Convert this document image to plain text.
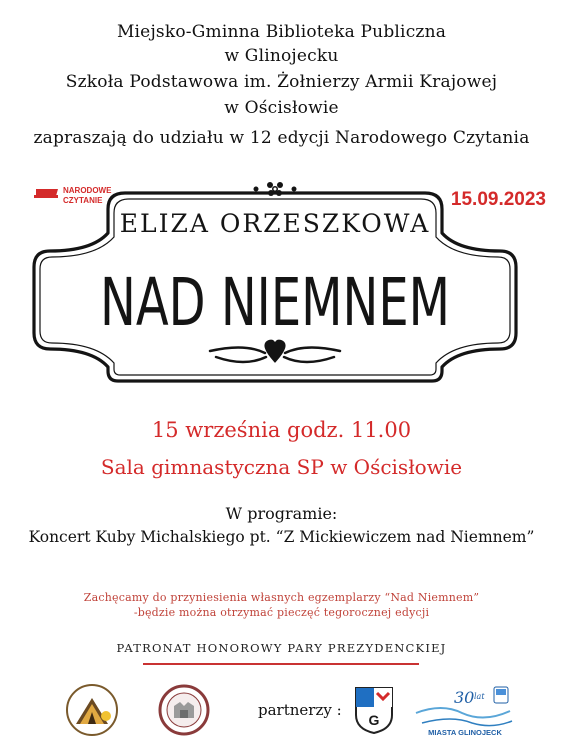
Miejsko-Gminna Biblioteka Publiczna
w Glinojecku
Szkoła Podstawowa im. Żołnierzy Armii Krajowej
w Ościsłowie
zapraszają do udziału w 12 edycji Narodowego Czytania
NARODOWE
CZYTANIE	15.09.2023
ELIZA ORZESZKOWA
NAD NIEMNEM
15 września godz. 11.00
Sala gimnastyczna SP w Ościsłowie
W programie:
Koncert Kuby Michalskiego pt. “Z Mickiewiczem nad Niemnem”
Zachęcamy do przyniesienia własnych egzemplarzy “Nad Niemnem”
-będzie można otrzymać pieczęć tegorocznej edycji
PATRONAT HONOROWY PARY PREZYDENCKIEJ
partnerzy :
G
30 lat
MIASTA GLINOJECK
